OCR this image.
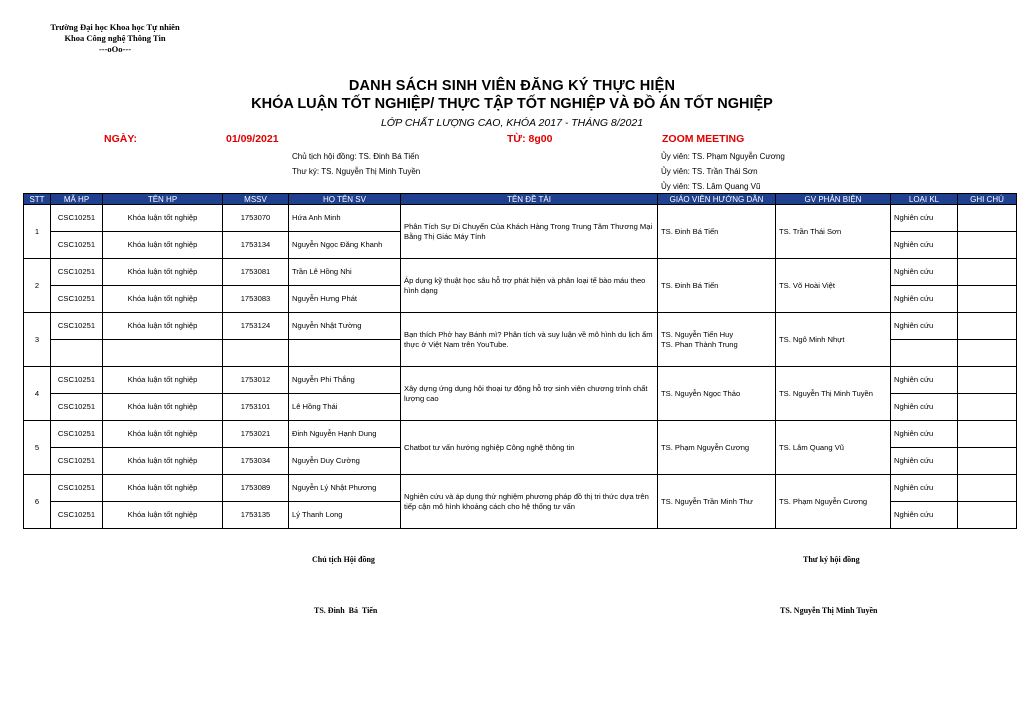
Trường Đại học Khoa học Tự nhiên
Khoa Công nghệ Thông Tin
---oOo---
DANH SÁCH SINH VIÊN ĐĂNG KÝ THỰC HIỆN
KHÓA LUẬN TỐT NGHIỆP/ THỰC TẬP TỐT NGHIỆP VÀ ĐỒ ÁN TỐT NGHIỆP
LỚP CHẤT LƯỢNG CAO, KHÓA 2017 - THÁNG 8/2021
NGÀY:	01/09/2021	TỪ: 8g00	ZOOM MEETING
Chủ tịch hội đồng: TS. Đinh Bá Tiến
Thư ký: TS. Nguyễn Thị Minh Tuyền
Ủy viên: TS. Phạm Nguyễn Cương
Ủy viên: TS. Trần Thái Sơn
Ủy viên: TS. Lâm Quang Vũ
STT	MÃ HP	TÊN HP	MSSV	HỌ TÊN SV	TÊN ĐỀ TÀI	GIÁO VIÊN HƯỚNG DẪN	GV PHẢN BIỆN	LOẠI KL	GHI CHÚ
1	CSC10251	Khóa luận tốt nghiệp	1753070	Hứa Anh Minh	Phân Tích Sự Di Chuyển Của Khách Hàng Trong Trung Tâm Thương Mại Bằng Thị Giác Máy Tính	TS. Đinh Bá Tiến	TS. Trần Thái Sơn	Nghiên cứu	
	CSC10251	Khóa luận tốt nghiệp	1753134	Nguyễn Ngọc Đăng Khanh				Nghiên cứu	
2	CSC10251	Khóa luận tốt nghiệp	1753081	Trần Lê Hồng Nhi	Áp dụng kỹ thuật học sâu hỗ trợ phát hiện và phân loại tế bào máu theo hình dạng	TS. Đinh Bá Tiến	TS. Võ Hoài Việt	Nghiên cứu	
	CSC10251	Khóa luận tốt nghiệp	1753083	Nguyễn Hưng Phát				Nghiên cứu	
3	CSC10251	Khóa luận tốt nghiệp	1753124	Nguyễn Nhật Tường	Bạn thích Phở hay Bánh mì? Phân tích và suy luận về mô hình du lịch ẩm thực ở Việt Nam trên YouTube.	TS. Nguyễn Tiến Huy
TS. Phan Thành Trung	TS. Ngô Minh Nhựt	Nghiên cứu	

4	CSC10251	Khóa luận tốt nghiệp	1753012	Nguyễn Phi Thắng	Xây dựng ứng dụng hội thoại tự động hỗ trợ sinh viên chương trình chất lượng cao	TS. Nguyễn Ngọc Thảo	TS. Nguyễn Thị Minh Tuyền	Nghiên cứu	
	CSC10251	Khóa luận tốt nghiệp	1753101	Lê Hồng Thái				Nghiên cứu	
5	CSC10251	Khóa luận tốt nghiệp	1753021	Đinh Nguyễn Hạnh Dung	Chatbot tư vấn hướng nghiệp Công nghệ thông tin	TS. Phạm Nguyễn Cương	TS. Lâm Quang Vũ	Nghiên cứu	
	CSC10251	Khóa luận tốt nghiệp	1753034	Nguyễn Duy Cường				Nghiên cứu	
6	CSC10251	Khóa luận tốt nghiệp	1753089	Nguyễn Lý Nhật Phương	Nghiên cứu và áp dụng thử nghiệm phương pháp đồ thị tri thức dựa trên tiếp cận mô hình khoảng cách cho hệ thống tư vấn	TS. Nguyễn Trần Minh Thư	TS. Phạm Nguyễn Cương	Nghiên cứu	
	CSC10251	Khóa luận tốt nghiệp	1753135	Lý Thanh Long				Nghiên cứu	
Chủ tịch Hội đồng	Thư ký hội đồng
TS. Đinh  Bá  Tiến	TS. Nguyễn Thị Minh Tuyền
